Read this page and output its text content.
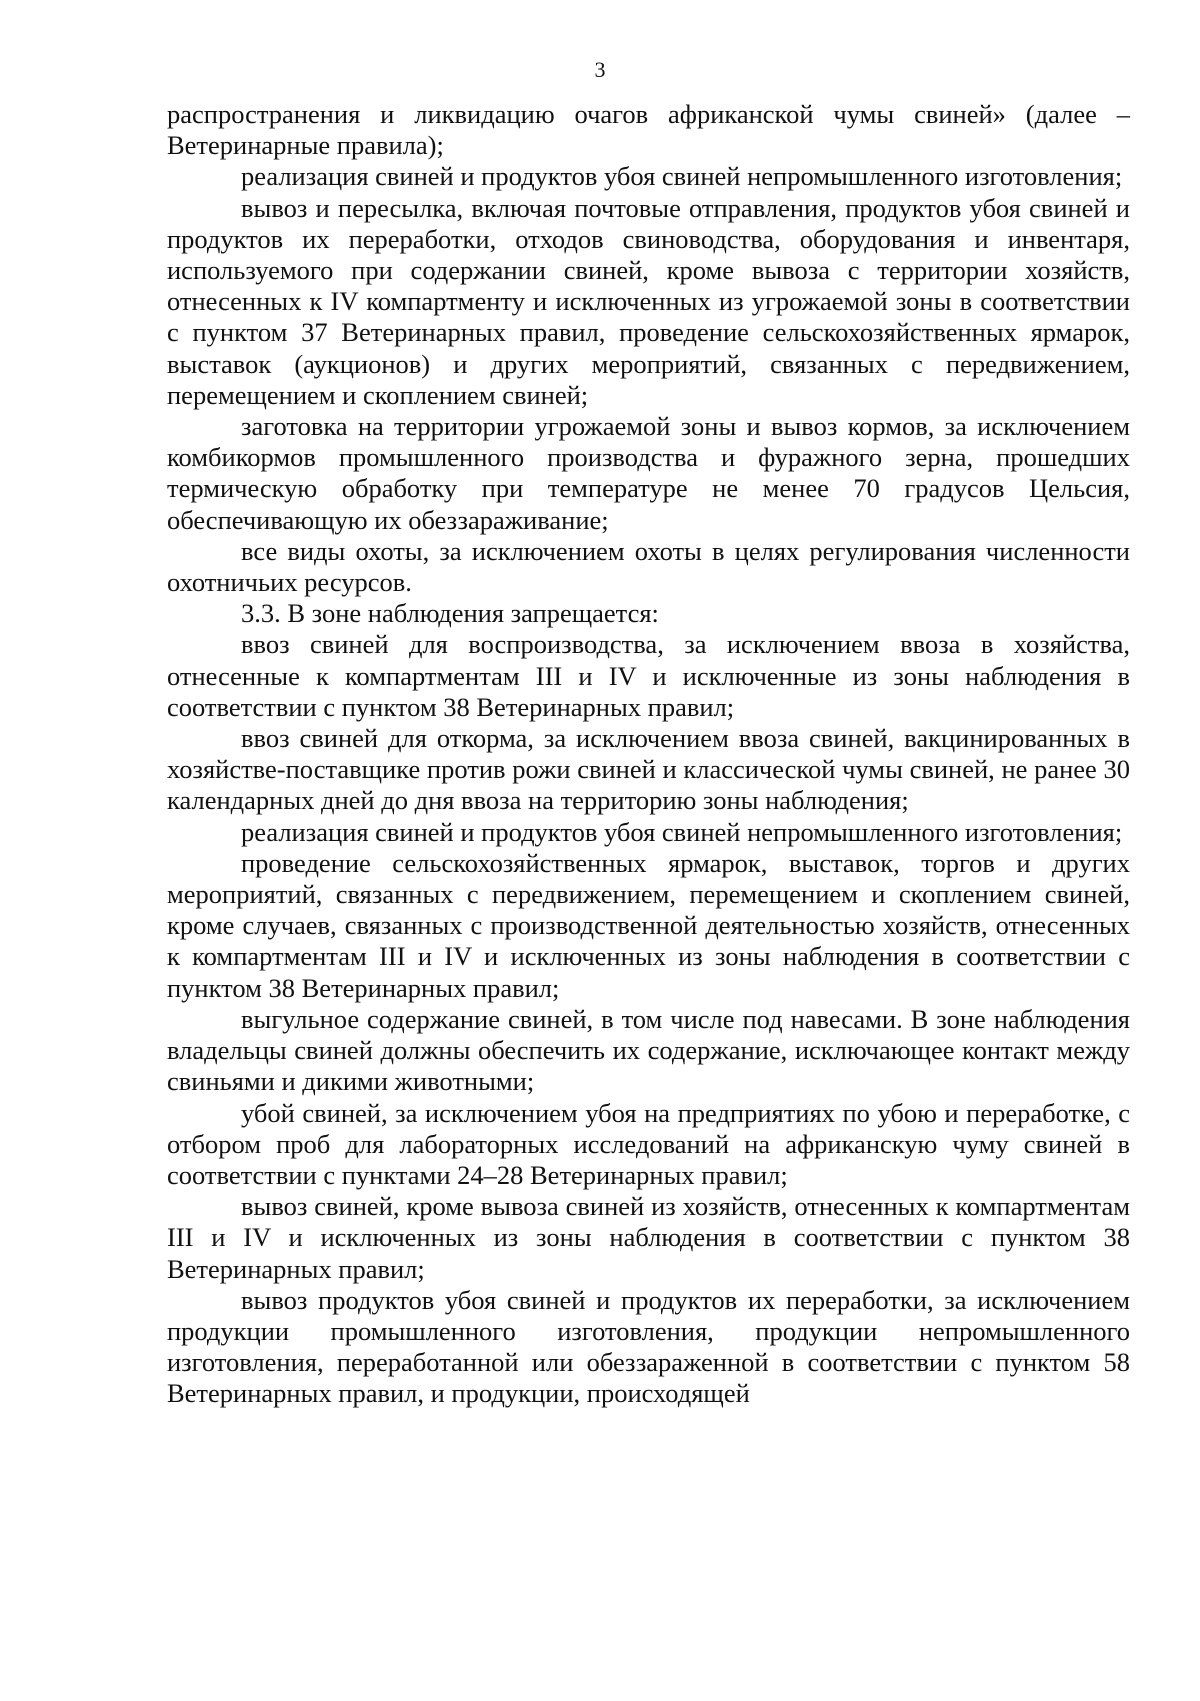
3

распространения и ликвидацию очагов африканской чумы свиней» (далее – Ветеринарные правила);

реализация свиней и продуктов убоя свиней непромышленного изготовления;

вывоз и пересылка, включая почтовые отправления, продуктов убоя свиней и продуктов их переработки, отходов свиноводства, оборудования и инвентаря, используемого при содержании свиней, кроме вывоза с территории хозяйств, отнесенных к IV компартменту и исключенных из угрожаемой зоны в соответствии с пунктом 37 Ветеринарных правил, проведение сельскохозяйственных ярмарок, выставок (аукционов) и других мероприятий, связанных с передвижением, перемещением и скоплением свиней;

заготовка на территории угрожаемой зоны и вывоз кормов, за исключением комбикормов промышленного производства и фуражного зерна, прошедших термическую обработку при температуре не менее 70 градусов Цельсия, обеспечивающую их обеззараживание;

все виды охоты, за исключением охоты в целях регулирования численности охотничьих ресурсов.

3.3. В зоне наблюдения запрещается:

ввоз свиней для воспроизводства, за исключением ввоза в хозяйства, отнесенные к компартментам III и IV и исключенные из зоны наблюдения в соответствии с пунктом 38 Ветеринарных правил;

ввоз свиней для откорма, за исключением ввоза свиней, вакцинированных в хозяйстве-поставщике против рожи свиней и классической чумы свиней, не ранее 30 календарных дней до дня ввоза на территорию зоны наблюдения;

реализация свиней и продуктов убоя свиней непромышленного изготовления;

проведение сельскохозяйственных ярмарок, выставок, торгов и других мероприятий, связанных с передвижением, перемещением и скоплением свиней, кроме случаев, связанных с производственной деятельностью хозяйств, отнесенных к компартментам III и IV и исключенных из зоны наблюдения в соответствии с пунктом 38 Ветеринарных правил;

выгульное содержание свиней, в том числе под навесами. В зоне наблюдения владельцы свиней должны обеспечить их содержание, исключающее контакт между свиньями и дикими животными;

убой свиней, за исключением убоя на предприятиях по убою и переработке, с отбором проб для лабораторных исследований на африканскую чуму свиней в соответствии с пунктами 24–28 Ветеринарных правил;

вывоз свиней, кроме вывоза свиней из хозяйств, отнесенных к компартментам III и IV и исключенных из зоны наблюдения в соответствии с пунктом 38 Ветеринарных правил;

вывоз продуктов убоя свиней и продуктов их переработки, за исключением продукции промышленного изготовления, продукции непромышленного изготовления, переработанной или обеззараженной в соответствии с пунктом 58 Ветеринарных правил, и продукции, происходящей
